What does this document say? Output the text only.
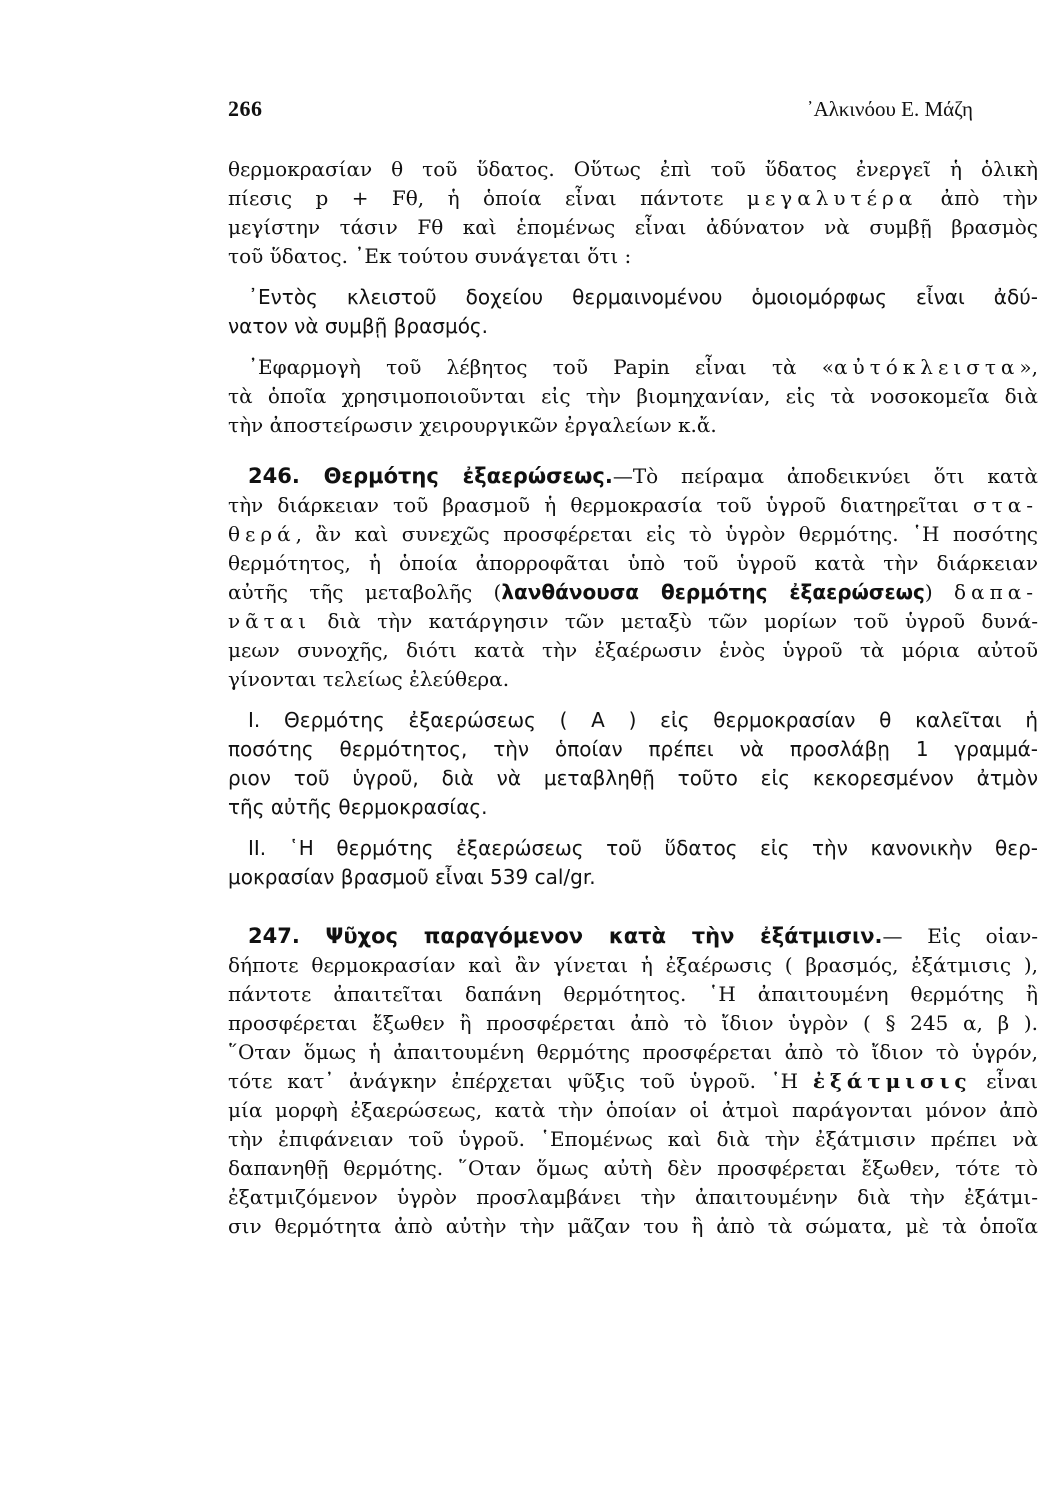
266	᾿Αλκινόου Ε. Μάζη
θερμοκρασίαν θ τοῦ ὕδατος. Οὕτως ἐπὶ τοῦ ὕδατος ἐνεργεῖ ἡ ὁλικὴ
πίεσις p + Fθ, ἡ ὁποία εἶναι πάντοτε μεγαλυτέρα ἀπὸ τὴν
μεγίστην τάσιν Fθ καὶ ἑπομένως εἶναι ἀδύνατον νὰ συμβῇ βρασμὸς
τοῦ ὕδατος. ᾿Εκ τούτου συνάγεται ὅτι :
᾿Εντὸς κλειστοῦ δοχείου θερμαινομένου ὁμοιομόρφως εἶναι ἀδύ-
νατον νὰ συμβῇ βρασμός.
᾿Εφαρμογὴ τοῦ λέβητος τοῦ Papin εἶναι τὰ «αὐτόκλειστα»,
τὰ ὁποῖα χρησιμοποιοῦνται εἰς τὴν βιομηχανίαν, εἰς τὰ νοσοκομεῖα διὰ
τὴν ἀποστείρωσιν χειρουργικῶν ἐργαλείων κ.ἄ.
246. Θερμότης ἐξαερώσεως.—Τὸ πείραμα ἀποδεικνύει ὅτι κατὰ
τὴν διάρκειαν τοῦ βρασμοῦ ἡ θερμοκρασία τοῦ ὑγροῦ διατηρεῖται στα-
θερά, ἂν καὶ συνεχῶς προσφέρεται εἰς τὸ ὑγρὸν θερμότης. ῾Η ποσότης
θερμότητος, ἡ ὁποία ἀπορροφᾶται ὑπὸ τοῦ ὑγροῦ κατὰ τὴν διάρκειαν
αὐτῆς τῆς μεταβολῆς (λανθάνουσα θερμότης ἐξαερώσεως) δαπα-
νᾶται διὰ τὴν κατάργησιν τῶν μεταξὺ τῶν μορίων τοῦ ὑγροῦ δυνά-
μεων συνοχῆς, διότι κατὰ τὴν ἐξαέρωσιν ἑνὸς ὑγροῦ τὰ μόρια αὐτοῦ
γίνονται τελείως ἐλεύθερα.
I. Θερμότης ἐξαερώσεως ( Α ) εἰς θερμοκρασίαν θ καλεῖται ἡ
ποσότης θερμότητος, τὴν ὁποίαν πρέπει νὰ προσλάβῃ 1 γραμμά-
ριον τοῦ ὑγροῦ, διὰ νὰ μεταβληθῇ τοῦτο εἰς κεκορεσμένον ἀτμὸν
τῆς αὐτῆς θερμοκρασίας.
II. ῾Η θερμότης ἐξαερώσεως τοῦ ὕδατος εἰς τὴν κανονικὴν θερ-
μοκρασίαν βρασμοῦ εἶναι 539 cal/gr.
247. Ψῦχος παραγόμενον κατὰ τὴν ἐξάτμισιν.— Εἰς οἱαν-
δήποτε θερμοκρασίαν καὶ ἂν γίνεται ἡ ἐξαέρωσις ( βρασμός, ἐξάτμισις ),
πάντοτε ἀπαιτεῖται δαπάνη θερμότητος. ῾Η ἀπαιτουμένη θερμότης ἢ
προσφέρεται ἔξωθεν ἢ προσφέρεται ἀπὸ τὸ ἴδιον ὑγρὸν ( § 245 α, β ).
῞Οταν ὅμως ἡ ἀπαιτουμένη θερμότης προσφέρεται ἀπὸ τὸ ἴδιον τὸ ὑγρόν,
τότε κατ᾿ ἀνάγκην ἐπέρχεται ψῦξις τοῦ ὑγροῦ. ῾Η ἐξάτμισις εἶναι
μία μορφὴ ἐξαερώσεως, κατὰ τὴν ὁποίαν οἱ ἀτμοὶ παράγονται μόνον ἀπὸ
τὴν ἐπιφάνειαν τοῦ ὑγροῦ. ῾Επομένως καὶ διὰ τὴν ἐξάτμισιν πρέπει νὰ
δαπανηθῇ θερμότης. ῞Οταν ὅμως αὐτὴ δὲν προσφέρεται ἔξωθεν, τότε τὸ
ἐξατμιζόμενον ὑγρὸν προσλαμβάνει τὴν ἀπαιτουμένην διὰ τὴν ἐξάτμι-
σιν θερμότητα ἀπὸ αὐτὴν τὴν μᾶζαν του ἢ ἀπὸ τὰ σώματα, μὲ τὰ ὁποῖα
